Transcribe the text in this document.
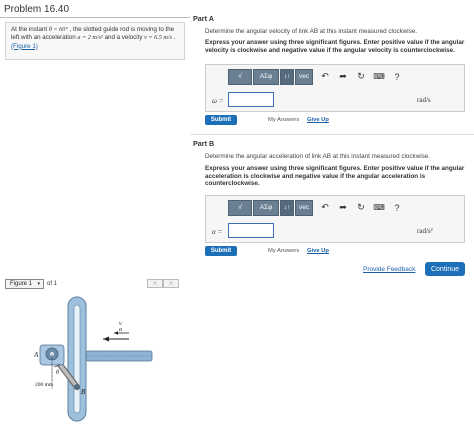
Problem 16.40
At the instant θ = 60° , the slotted guide rod is moving to the left with an acceleration a = 2 m/s² and a velocity v = 6.5 m/s . (Figure 1)
Part A
Determine the angular velocity of link AB at this instant measured clockwise.
Express your answer using three significant figures. Enter positive value if the angular velocity is clockwise and negative value if the angular velocity is counterclockwise.
√	ΑΣφ	↕↑	vec	↶	➦	↻	⌨	?
ω =	rad/s
Submit	My Answers Give Up
Part B
Determine the angular acceleration of link AB at this instant measured clockwise.
Express your answer using three significant figures. Enter positive value if the angular acceleration is clockwise and negative value if the angular acceleration is counterclockwise.
√	ΑΣφ	↕↑	vec	↶	➦	↻	⌨	?
α =	rad/s²
Submit	My Answers Give Up
Provide Feedback	Continue
Figure 1 ▾ of 1	<	>
A
B
θ
v
a
200 mm
